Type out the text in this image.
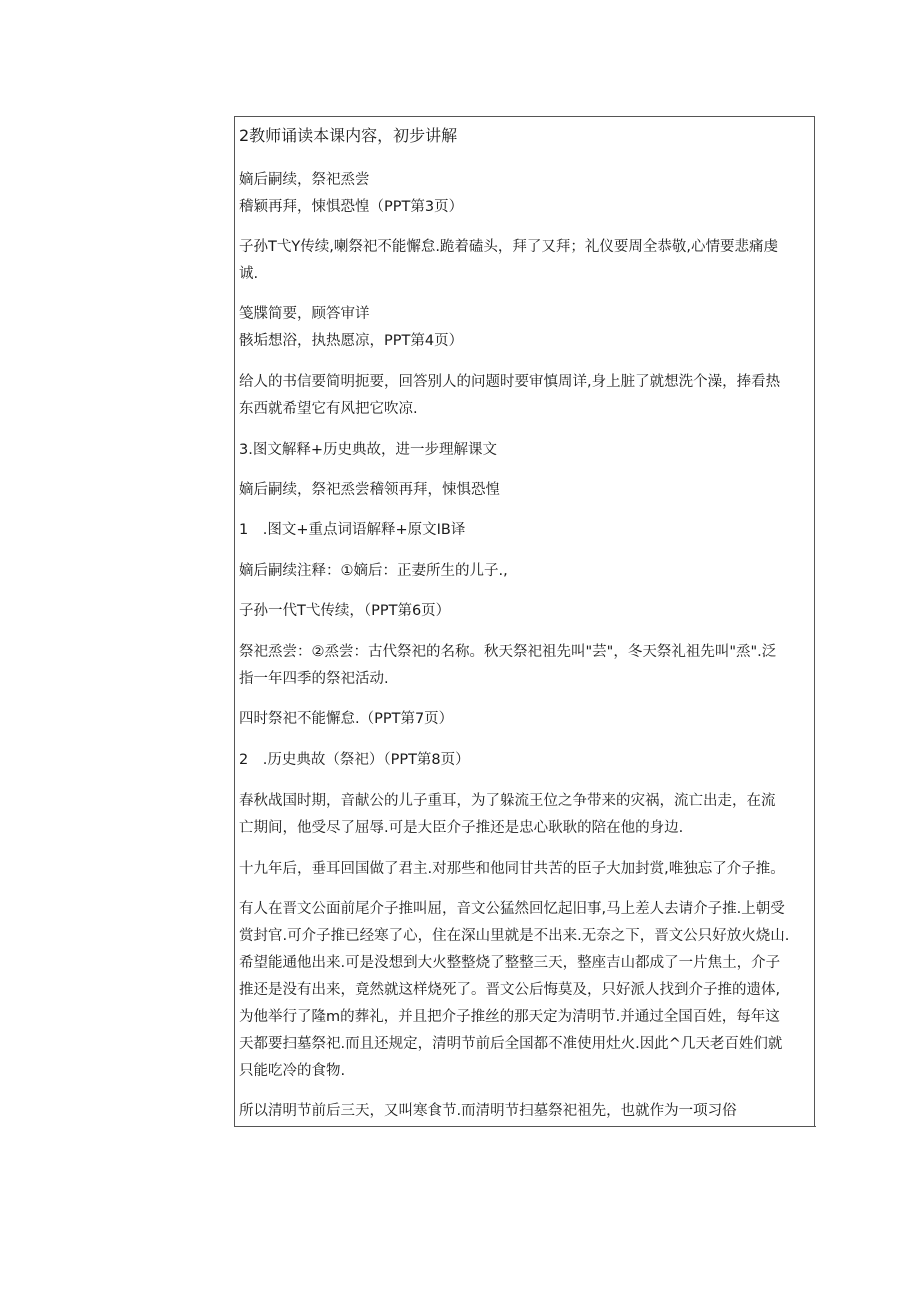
2教师诵读本课内容，初步讲解
嫡后嗣续，祭祀烝尝
稽颖再拜，悚惧恐惶（PPT第3页）
子孙T弋Y传续,喇祭祀不能懈怠.跪着磕头，拜了又拜；礼仪要周全恭敬,心情要悲痛虔
诚.
笺牒简要，顾答审详
骸垢想浴，执热愿凉，PPT第4页）
给人的书信要简明扼要，回答别人的问题时要审慎周详,身上脏了就想洗个澡，捧看热
东西就希望它有风把它吹凉.
3.图文解释+历史典故，进一步理解课文
嫡后嗣续，祭祀烝尝稽领再拜，悚惧恐惶
1　.图文+重点词语解释+原文IB译
嫡后嗣续注释：①嫡后：正妻所生的儿子.,
子孙一代T弋传续，（PPT第6页）
祭祀烝尝：②烝尝：古代祭祀的名称。秋天祭祀祖先叫"芸"，冬天祭礼祖先叫"烝".泛
指一年四季的祭祀活动.
四时祭祀不能懈怠.（PPT第7页）
2　.历史典故（祭祀）（PPT第8页）
春秋战国时期，音献公的儿子重耳，为了躲流王位之争带来的灾祸，流亡出走，在流
亡期间，他受尽了屈辱.可是大臣介子推还是忠心耿耿的陪在他的身边.
十九年后，垂耳回国做了君主.对那些和他同甘共苦的臣子大加封赏,唯独忘了介子推。
有人在晋文公面前尾介子推叫屈，音文公猛然回忆起旧事,马上差人去请介子推.上朝受
赏封官.可介子推已经寒了心，住在深山里就是不出来.无奈之下，晋文公只好放火烧山.
希望能通他出来.可是没想到大火整整烧了整整三天，整座吉山都成了一片焦土，介子
推还是没有出来，竟然就这样烧死了。晋文公后悔莫及，只好派人找到介子推的遗体,
为他举行了隆m的葬礼，并且把介子推丝的那天定为清明节.并通过全国百姓，每年这
天都要扫墓祭祀.而且还规定，清明节前后全国都不准使用灶火.因此^几天老百姓们就
只能吃冷的食物.
所以清明节前后三天，又叫寒食节.而清明节扫墓祭祀祖先，也就作为一项习俗
